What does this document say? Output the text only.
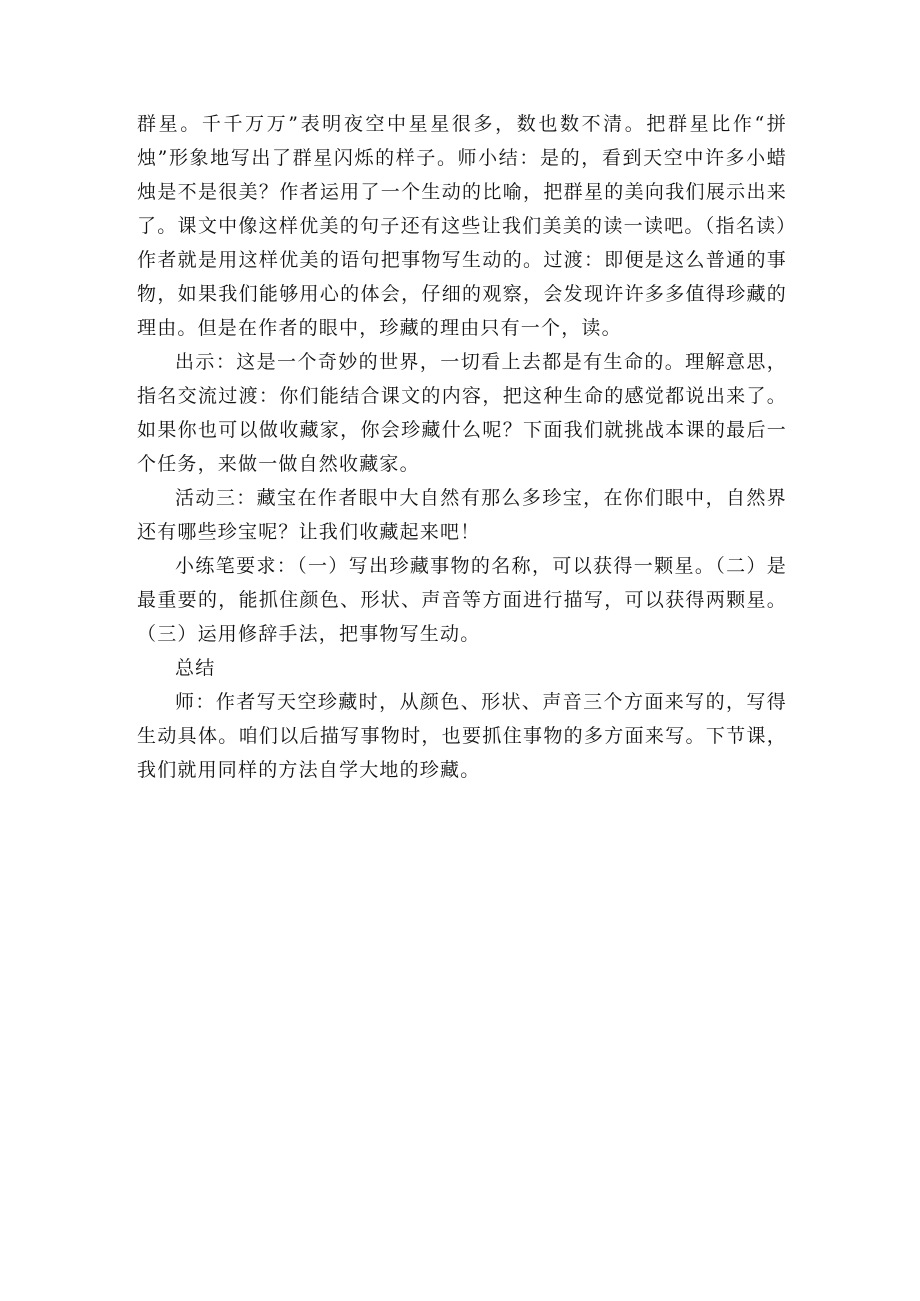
群星。千千万万”表明夜空中星星很多，数也数不清。把群星比作“拼烛”形象地写出了群星闪烁的样子。师小结：是的，看到天空中许多小蜡烛是不是很美？作者运用了一个生动的比喻，把群星的美向我们展示出来了。课文中像这样优美的句子还有这些让我们美美的读一读吧。（指名读）作者就是用这样优美的语句把事物写生动的。过渡：即便是这么普通的事物，如果我们能够用心的体会，仔细的观察，会发现许许多多值得珍藏的理由。但是在作者的眼中，珍藏的理由只有一个，读。

出示：这是一个奇妙的世界，一切看上去都是有生命的。理解意思，指名交流过渡：你们能结合课文的内容，把这种生命的感觉都说出来了。如果你也可以做收藏家，你会珍藏什么呢？下面我们就挑战本课的最后一个任务，来做一做自然收藏家。

活动三：藏宝在作者眼中大自然有那么多珍宝，在你们眼中，自然界还有哪些珍宝呢？让我们收藏起来吧！

小练笔要求：（一）写出珍藏事物的名称，可以获得一颗星。（二）是最重要的，能抓住颜色、形状、声音等方面进行描写，可以获得两颗星。（三）运用修辞手法，把事物写生动。

总结

师：作者写天空珍藏时，从颜色、形状、声音三个方面来写的，写得生动具体。咱们以后描写事物时，也要抓住事物的多方面来写。下节课，我们就用同样的方法自学大地的珍藏。
